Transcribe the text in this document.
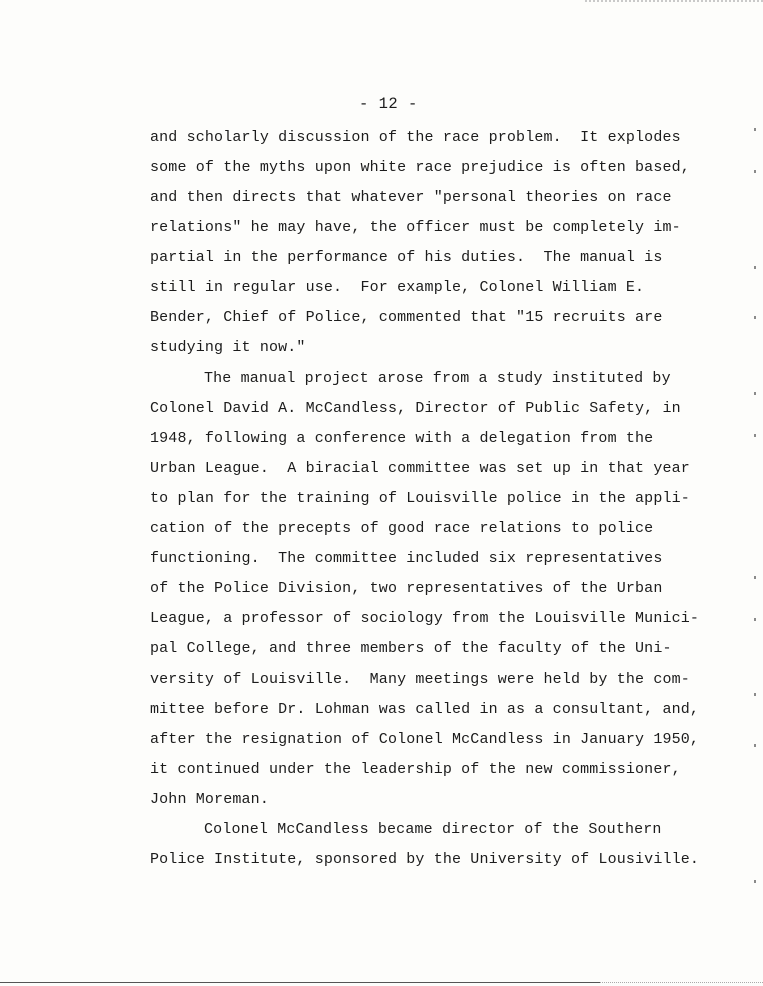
- 12 -
and scholarly discussion of the race problem.  It explodes
some of the myths upon white race prejudice is often based,
and then directs that whatever "personal theories on race
relations" he may have, the officer must be completely im-
partial in the performance of his duties.  The manual is
still in regular use.  For example, Colonel William E.
Bender, Chief of Police, commented that "15 recruits are
studying it now."
The manual project arose from a study instituted by
Colonel David A. McCandless, Director of Public Safety, in
1948, following a conference with a delegation from the
Urban League.  A biracial committee was set up in that year
to plan for the training of Louisville police in the appli-
cation of the precepts of good race relations to police
functioning.  The committee included six representatives
of the Police Division, two representatives of the Urban
League, a professor of sociology from the Louisville Munici-
pal College, and three members of the faculty of the Uni-
versity of Louisville.  Many meetings were held by the com-
mittee before Dr. Lohman was called in as a consultant, and,
after the resignation of Colonel McCandless in January 1950,
it continued under the leadership of the new commissioner,
John Moreman.
Colonel McCandless became director of the Southern
Police Institute, sponsored by the University of Lousiville.
